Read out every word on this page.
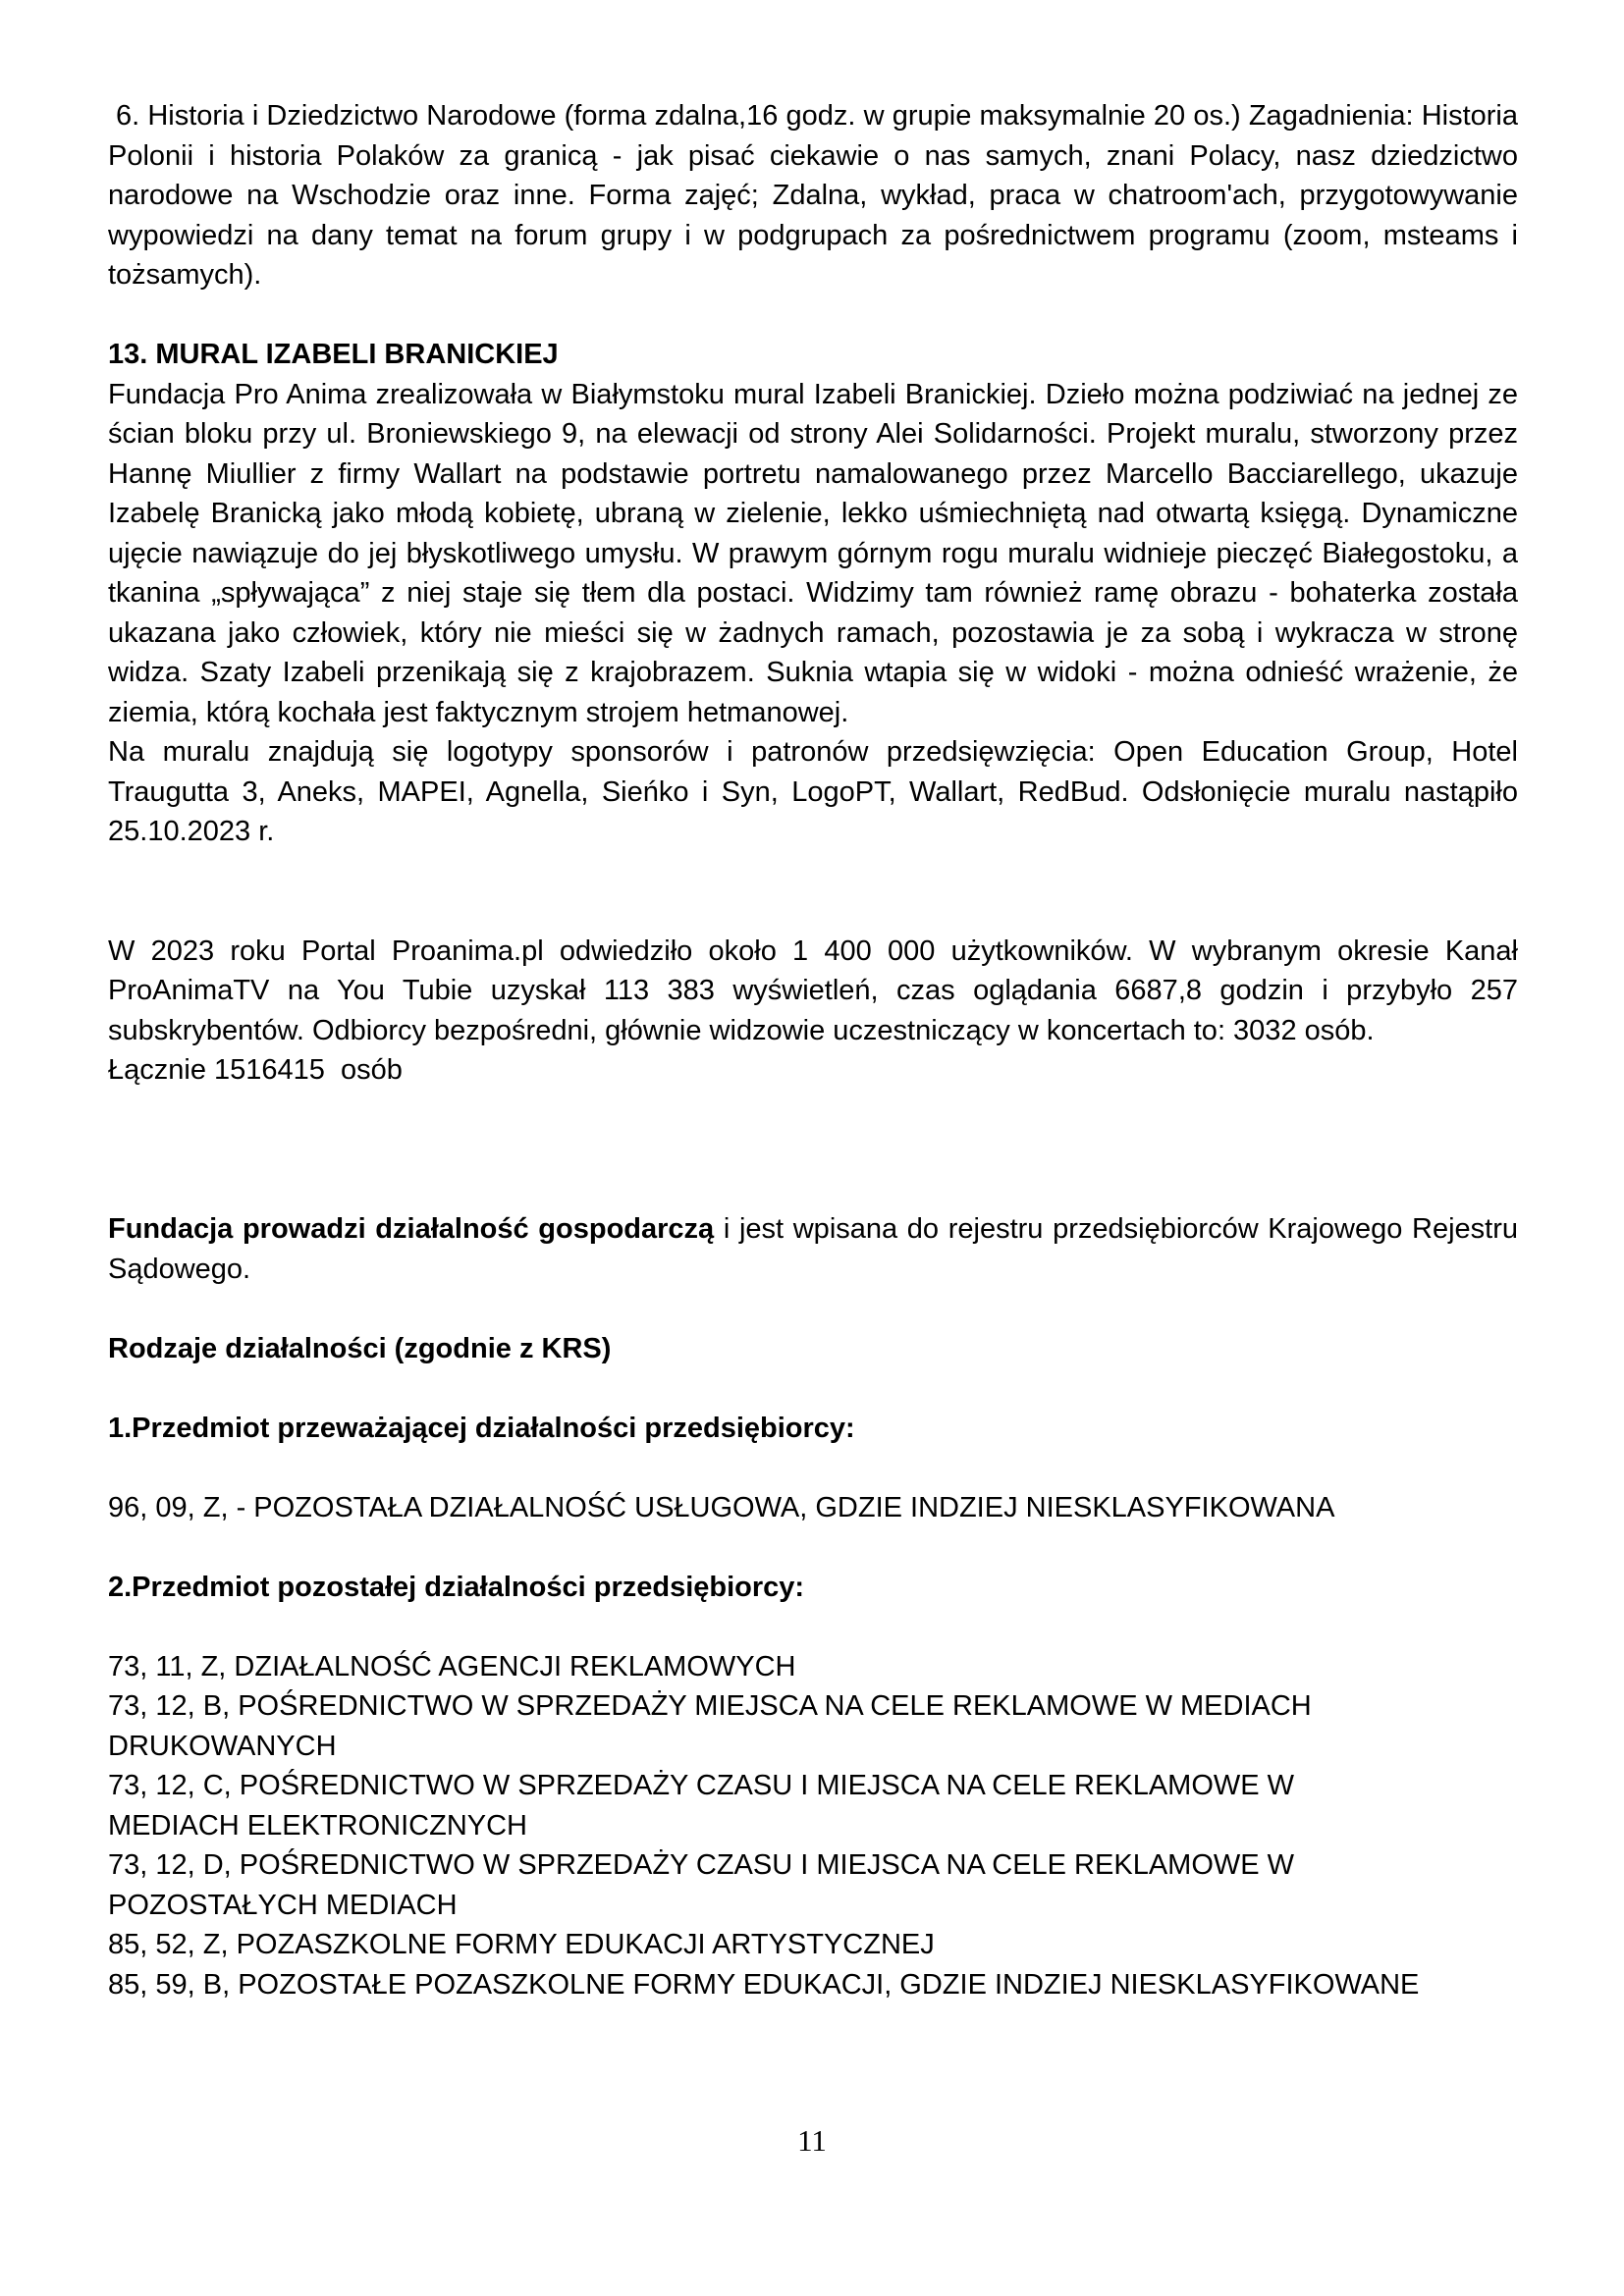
6. Historia i Dziedzictwo Narodowe (forma zdalna,16 godz. w grupie maksymalnie 20 os.) Zagadnienia: Historia Polonii i historia Polaków za granicą - jak pisać ciekawie o nas samych, znani Polacy, nasz dziedzictwo narodowe na Wschodzie oraz inne. Forma zajęć; Zdalna, wykład, praca w chatroom'ach, przygotowywanie wypowiedzi na dany temat na forum grupy i w podgrupach za pośrednictwem programu (zoom, msteams i tożsamych).

13. MURAL IZABELI BRANICKIEJ

Fundacja Pro Anima zrealizowała w Białymstoku mural Izabeli Branickiej. Dzieło można podziwiać na jednej ze ścian bloku przy ul. Broniewskiego 9, na elewacji od strony Alei Solidarności. Projekt muralu, stworzony przez Hannę Miullier z firmy Wallart na podstawie portretu namalowanego przez Marcello Bacciarellego, ukazuje Izabelę Branicką jako młodą kobietę, ubraną w zielenie, lekko uśmiechniętą nad otwartą księgą. Dynamiczne ujęcie nawiązuje do jej błyskotliwego umysłu. W prawym górnym rogu muralu widnieje pieczęć Białegostoku, a tkanina „spływająca” z niej staje się tłem dla postaci. Widzimy tam również ramę obrazu - bohaterka została ukazana jako człowiek, który nie mieści się w żadnych ramach, pozostawia je za sobą i wykracza w stronę widza. Szaty Izabeli przenikają się z krajobrazem. Suknia wtapia się w widoki - można odnieść wrażenie, że ziemia, którą kochała jest faktycznym strojem hetmanowej.

Na muralu znajdują się logotypy sponsorów i patronów przedsięwzięcia: Open Education Group, Hotel Traugutta 3, Aneks, MAPEI, Agnella, Sieńko i Syn, LogoPT, Wallart, RedBud. Odsłonięcie muralu nastąpiło  25.10.2023 r.

W 2023 roku Portal Proanima.pl odwiedziło około 1 400 000 użytkowników. W wybranym okresie Kanał ProAnimaTV na You Tubie uzyskał 113 383 wyświetleń, czas oglądania 6687,8 godzin i przybyło 257 subskrybentów. Odbiorcy bezpośredni, głównie widzowie uczestniczący w koncertach to: 3032 osób.

Łącznie 1516415  osób

Fundacja prowadzi działalność gospodarczą i jest wpisana do rejestru przedsiębiorców Krajowego Rejestru Sądowego.

Rodzaje działalności (zgodnie z KRS)
1.Przedmiot przeważającej działalności przedsiębiorcy:

96, 09, Z, - POZOSTAŁA DZIAŁALNOŚĆ USŁUGOWA, GDZIE INDZIEJ NIESKLASYFIKOWANA

2.Przedmiot pozostałej działalności przedsiębiorcy:
73, 11, Z, DZIAŁALNOŚĆ AGENCJI REKLAMOWYCH
73, 12, B, POŚREDNICTWO W SPRZEDAŻY MIEJSCA NA CELE REKLAMOWE W MEDIACH
DRUKOWANYCH
73, 12, C, POŚREDNICTWO W SPRZEDAŻY CZASU I MIEJSCA NA CELE REKLAMOWE W
MEDIACH ELEKTRONICZNYCH
73, 12, D, POŚREDNICTWO W SPRZEDAŻY CZASU I MIEJSCA NA CELE REKLAMOWE W
POZOSTAŁYCH MEDIACH
85, 52, Z, POZASZKOLNE FORMY EDUKACJI ARTYSTYCZNEJ
85, 59, B, POZOSTAŁE POZASZKOLNE FORMY EDUKACJI, GDZIE INDZIEJ NIESKLASYFIKOWANE
11
